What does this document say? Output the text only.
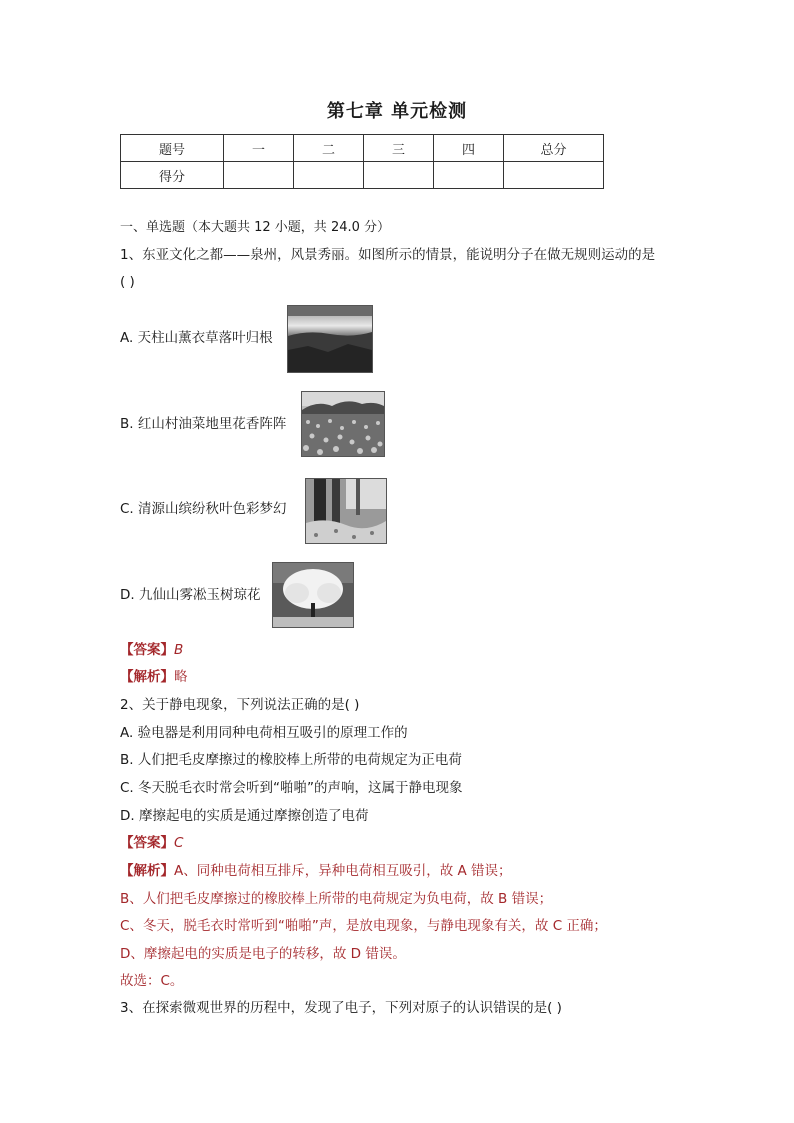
第七章 单元检测
题号	一	二	三	四	总分
得分					
一、单选题（本大题共 12 小题，共 24.0 分）
1、东亚文化之都——泉州，风景秀丽。如图所示的情景，能说明分子在做无规则运动的是
( )
A. 天柱山薰衣草落叶归根
B. 红山村油菜地里花香阵阵
C. 清源山缤纷秋叶色彩梦幻
D. 九仙山雾凇玉树琼花
【答案】B
【解析】略
2、关于静电现象，下列说法正确的是( )
A. 验电器是利用同种电荷相互吸引的原理工作的
B. 人们把毛皮摩擦过的橡胶棒上所带的电荷规定为正电荷
C. 冬天脱毛衣时常会听到“啪啪”的声响，这属于静电现象
D. 摩擦起电的实质是通过摩擦创造了电荷
【答案】C
【解析】A、同种电荷相互排斥，异种电荷相互吸引，故 A 错误；
B、人们把毛皮摩擦过的橡胶棒上所带的电荷规定为负电荷，故 B 错误；
C、冬天，脱毛衣时常听到“啪啪”声，是放电现象，与静电现象有关，故 C 正确；
D、摩擦起电的实质是电子的转移，故 D 错误。
故选：C。
3、在探索微观世界的历程中，发现了电子，下列对原子的认识错误的是( )
